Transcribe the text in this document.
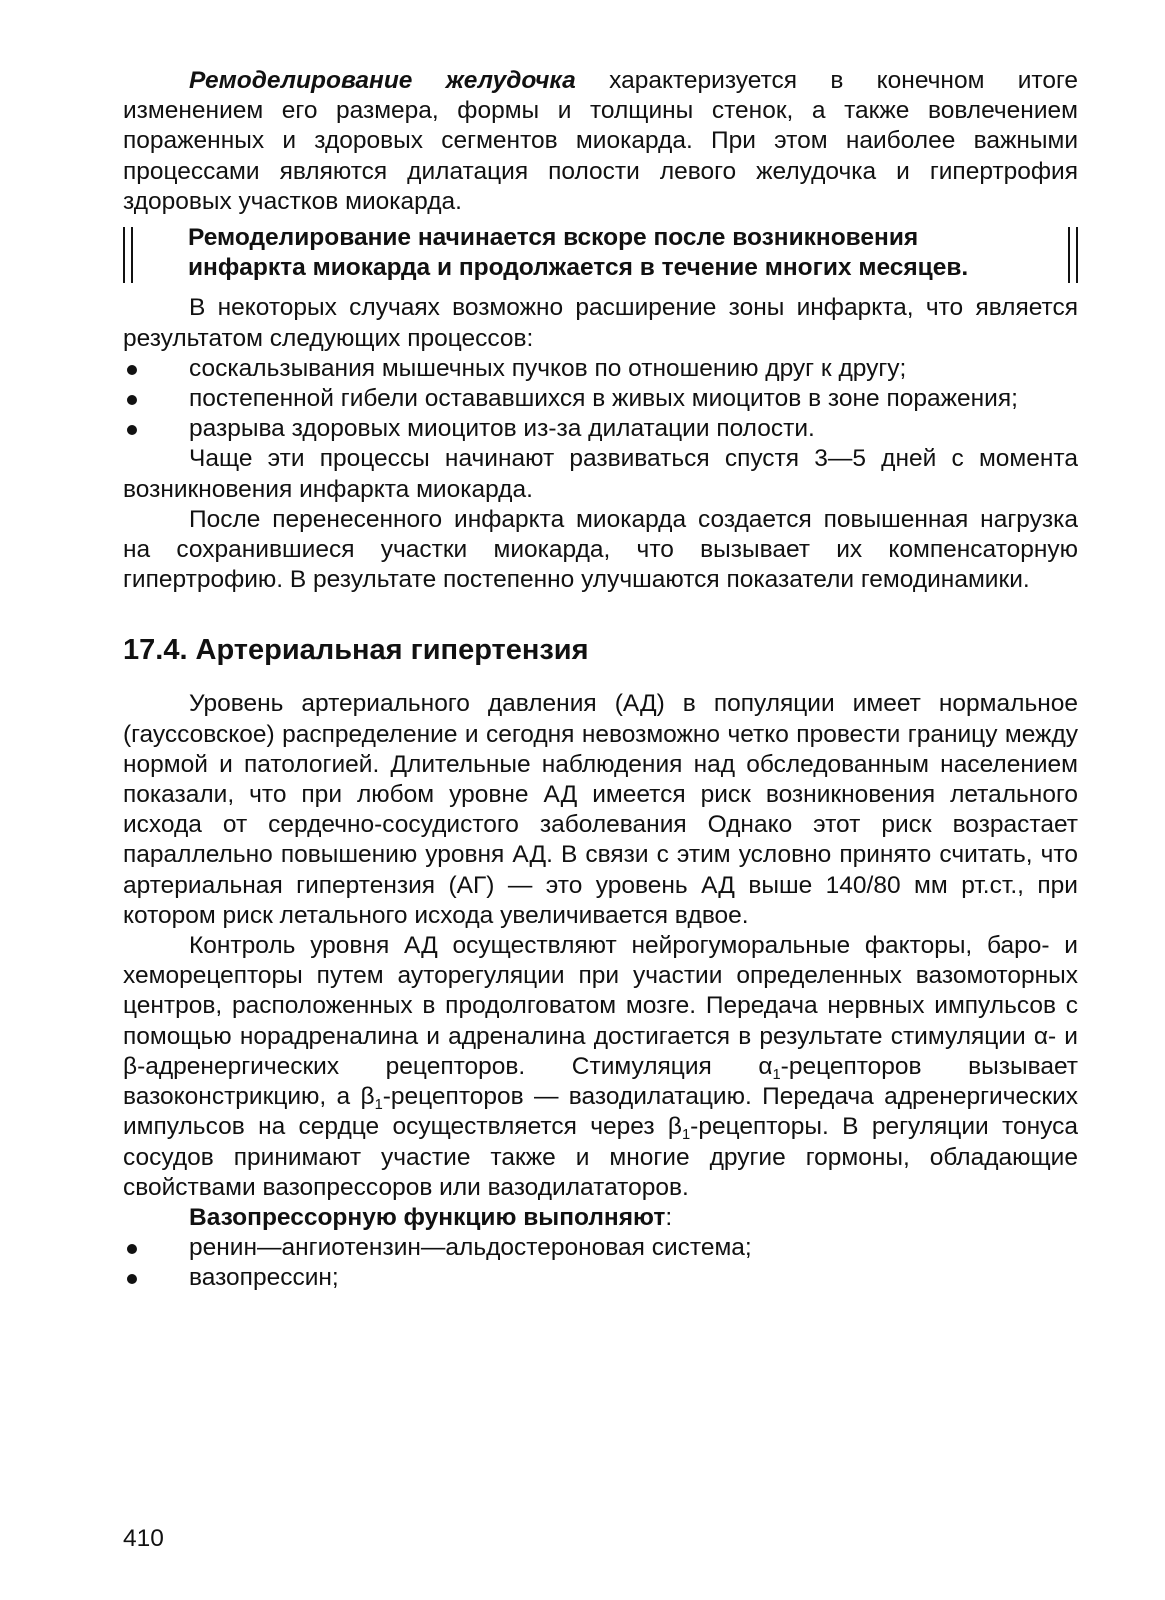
Ремоделирование желудочка характеризуется в конечном итоге изменением его размера, формы и толщины стенок, а также вовлечением пораженных и здоровых сегментов миокарда. При этом наиболее важными процессами являются дилатация полости левого желудочка и гипертрофия здоровых участков миокарда.

Ремоделирование начинается вскоре после возникновения инфаркта миокарда и продолжается в течение многих месяцев.

В некоторых случаях возможно расширение зоны инфаркта, что является результатом следующих процессов:

соскальзывания мышечных пучков по отношению друг к другу;
постепенной гибели остававшихся в живых миоцитов в зоне поражения;
разрыва здоровых миоцитов из-за дилатации полости.

Чаще эти процессы начинают развиваться спустя 3—5 дней с момента возникновения инфаркта миокарда.

После перенесенного инфаркта миокарда создается повышенная нагрузка на сохранившиеся участки миокарда, что вызывает их компенсаторную гипертрофию. В результате постепенно улучшаются показатели гемодинамики.

17.4. Артериальная гипертензия

Уровень артериального давления (АД) в популяции имеет нормальное (гауссовское) распределение и сегодня невозможно четко провести границу между нормой и патологией. Длительные наблюдения над обследованным населением показали, что при любом уровне АД имеется риск возникновения летального исхода от сердечно-сосудистого заболевания Однако этот риск возрастает параллельно повышению уровня АД. В связи с этим условно принято считать, что артериальная гипертензия (АГ) — это уровень АД выше 140/80 мм рт.ст., при котором риск летального исхода увеличивается вдвое.

Контроль уровня АД осуществляют нейрогуморальные факторы, баро- и хеморецепторы путем ауторегуляции при участии определенных вазомоторных центров, расположенных в продолговатом мозге. Передача нервных импульсов с помощью норадреналина и адреналина достигается в результате стимуляции α- и β-адренергических рецепторов. Стимуляция $\alpha_1$-рецепторов вызывает вазоконстрикцию, а $\beta_1$-рецепторов — вазодилатацию. Передача адренергических импульсов на сердце осуществляется через $\beta_1$-рецепторы. В регуляции тонуса сосудов принимают участие также и многие другие гормоны, обладающие свойствами вазопрессоров или вазодилататоров.

Вазопрессорную функцию выполняют:

ренин—ангиотензин—альдостероновая система;
вазопрессин;
410
